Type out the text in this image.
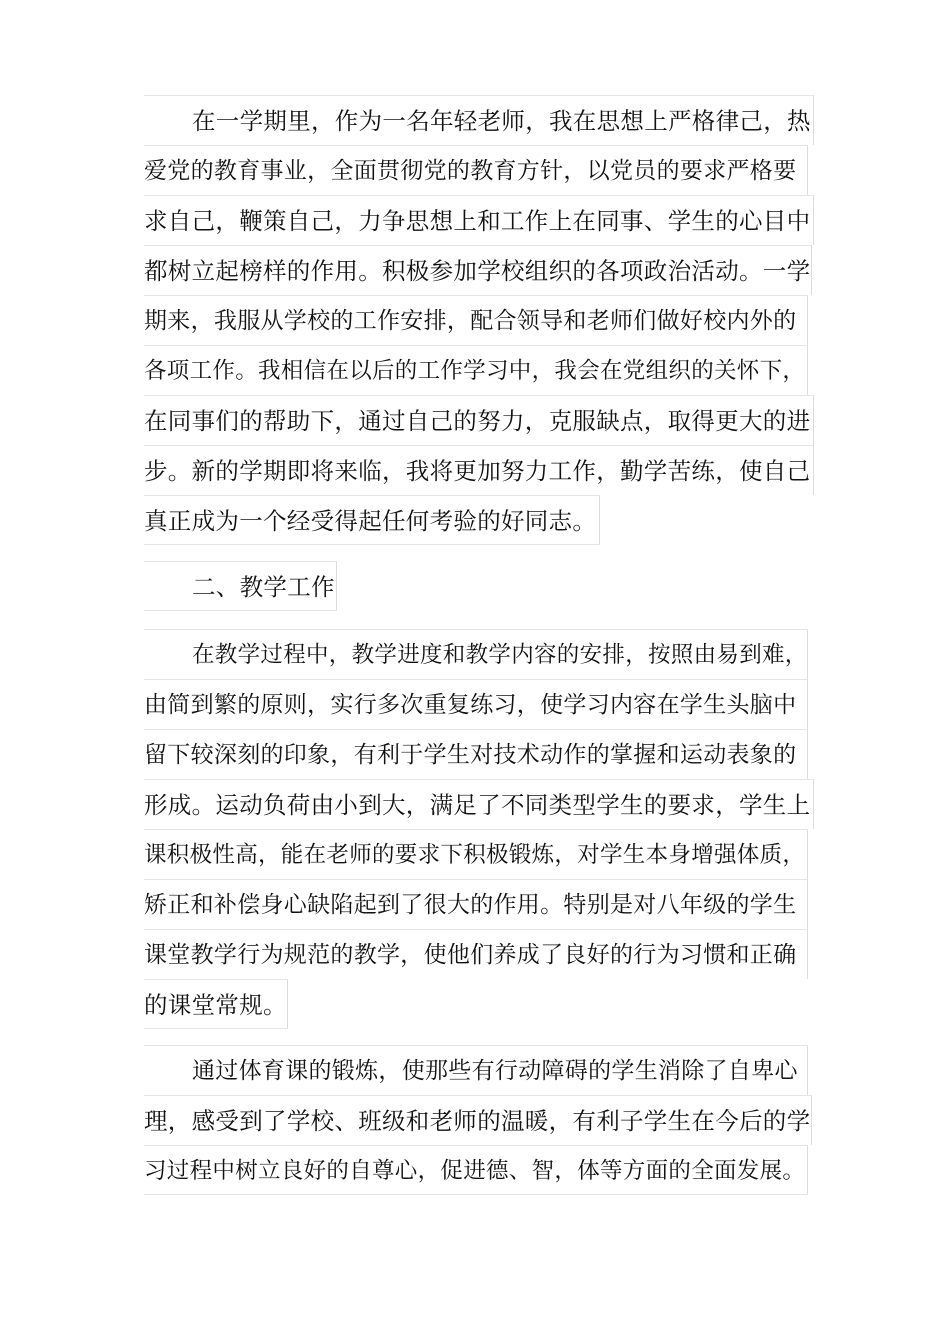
在一学期里，作为一名年轻老师，我在思想上严格律己，热
爱党的教育事业，全面贯彻党的教育方针，以党员的要求严格要
求自己，鞭策自己，力争思想上和工作上在同事、学生的心目中
都树立起榜样的作用。积极参加学校组织的各项政治活动。一学
期来，我服从学校的工作安排，配合领导和老师们做好校内外的
各项工作。我相信在以后的工作学习中，我会在党组织的关怀下，
在同事们的帮助下，通过自己的努力，克服缺点，取得更大的进
步。新的学期即将来临，我将更加努力工作，勤学苦练，使自己
真正成为一个经受得起任何考验的好同志。
二、教学工作
在教学过程中，教学进度和教学内容的安排，按照由易到难，
由简到繁的原则，实行多次重复练习，使学习内容在学生头脑中
留下较深刻的印象，有利于学生对技术动作的掌握和运动表象的
形成。运动负荷由小到大，满足了不同类型学生的要求，学生上
课积极性高，能在老师的要求下积极锻炼，对学生本身增强体质，
矫正和补偿身心缺陷起到了很大的作用。特别是对八年级的学生
课堂教学行为规范的教学，使他们养成了良好的行为习惯和正确
的课堂常规。
通过体育课的锻炼，使那些有行动障碍的学生消除了自卑心
理，感受到了学校、班级和老师的温暖，有利子学生在今后的学
习过程中树立良好的自尊心，促进德、智，体等方面的全面发展。
